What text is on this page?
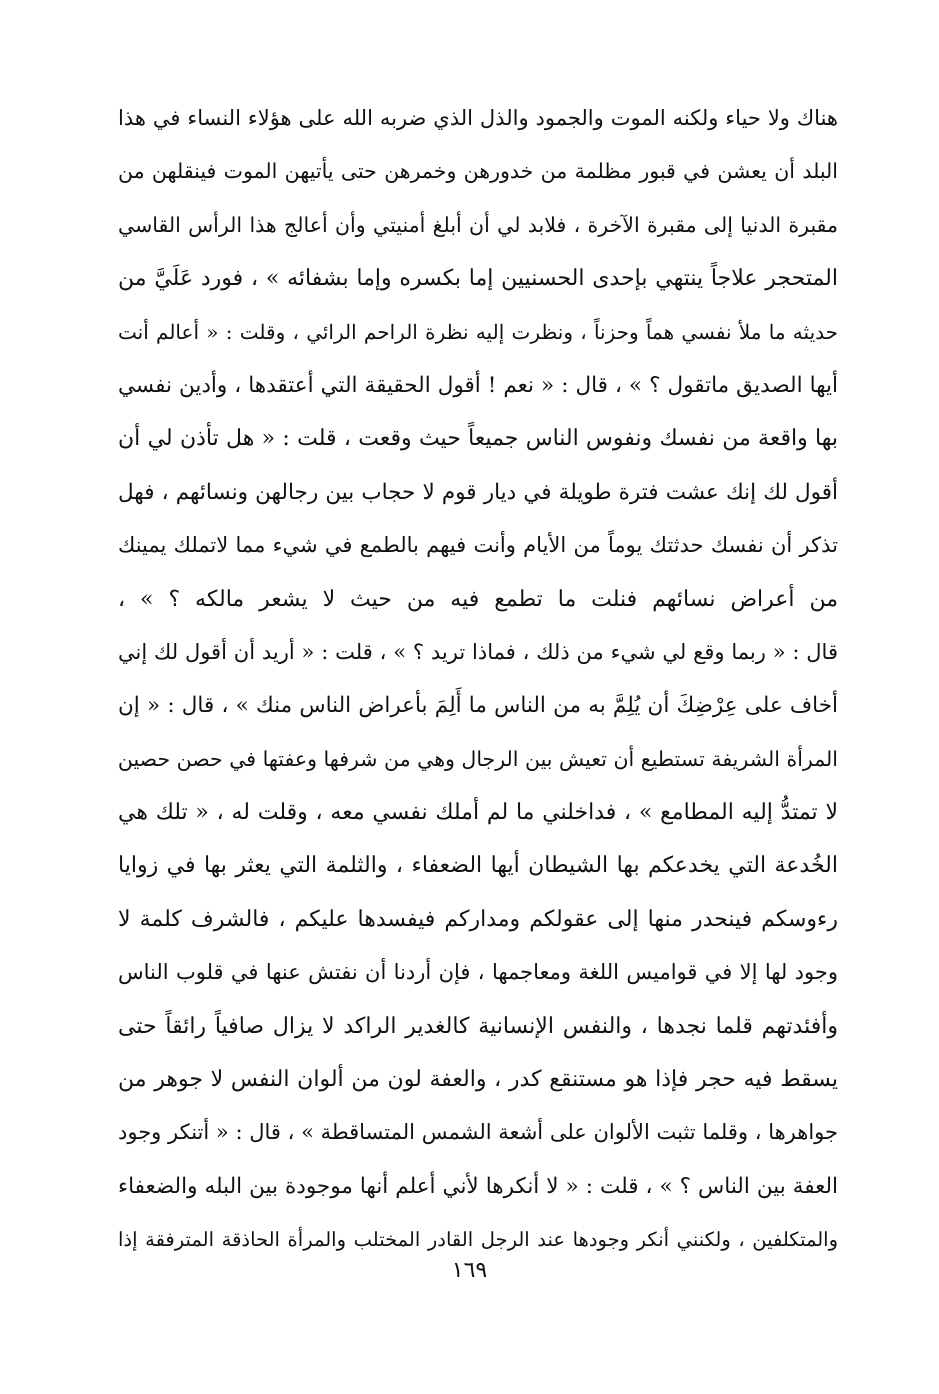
هناك ولا حياء ولكنه الموت والجمود والذل الذي ضربه الله على هؤلاء النساء في هذا
البلد أن يعشن في قبور مظلمة من خدورهن وخمرهن حتى يأتيهن الموت فينقلهن من
مقبرة الدنيا إلى مقبرة الآخرة ، فلابد لي أن أبلغ أمنيتي وأن أعالج هذا الرأس القاسي
المتحجر علاجاً ينتهي بإحدى الحسنيين إما بكسره وإما بشفائه » ، فورد عَلَيَّ من
حديثه ما ملأ نفسي هماً وحزناً ، ونظرت إليه نظرة الراحم الرائي ، وقلت : « أعالم أنت
أيها الصديق ماتقول ؟ » ، قال : « نعم ! أقول الحقيقة التي أعتقدها ، وأدين نفسي
بها واقعة من نفسك ونفوس الناس جميعاً حيث وقعت ، قلت : « هل تأذن لي أن
أقول لك إنك عشت فترة طويلة في ديار قوم لا حجاب بين رجالهن ونسائهم ، فهل
تذكر أن نفسك حدثتك يوماً من الأيام وأنت فيهم بالطمع في شيء مما لاتملك يمينك
من أعراض نسائهم فنلت ما تطمع فيه من حيث لا يشعر مالكه ؟ » ،
قال : « ربما وقع لي شيء من ذلك ، فماذا تريد ؟ » ، قلت : « أريد أن أقول لك إني
أخاف على عِرْضِكَ أن يُلِمَّ به من الناس ما أَلِمَ بأعراض الناس منك » ، قال : « إن
المرأة الشريفة تستطيع أن تعيش بين الرجال وهي من شرفها وعفتها في حصن حصين
لا تمتدُّ إليه المطامع » ، فداخلني ما لم أملك نفسي معه ، وقلت له ، « تلك هي
الخُدعة التي يخدعكم بها الشيطان أيها الضعفاء ، والثلمة التي يعثر بها في زوايا
رءوسكم فينحدر منها إلى عقولكم ومداركم فيفسدها عليكم ، فالشرف كلمة لا
وجود لها إلا في قواميس اللغة ومعاجمها ، فإن أردنا أن نفتش عنها في قلوب الناس
وأفئدتهم قلما نجدها ، والنفس الإنسانية كالغدير الراكد لا يزال صافياً رائقاً حتى
يسقط فيه حجر فإذا هو مستنقع كدر ، والعفة لون من ألوان النفس لا جوهر من
جواهرها ، وقلما تثبت الألوان على أشعة الشمس المتساقطة » ، قال : « أتنكر وجود
العفة بين الناس ؟ » ، قلت : « لا أنكرها لأني أعلم أنها موجودة بين البله والضعفاء
والمتكلفين ، ولكنني أنكر وجودها عند الرجل القادر المختلب والمرأة الحاذقة المترفقة إذا
١٦٩
